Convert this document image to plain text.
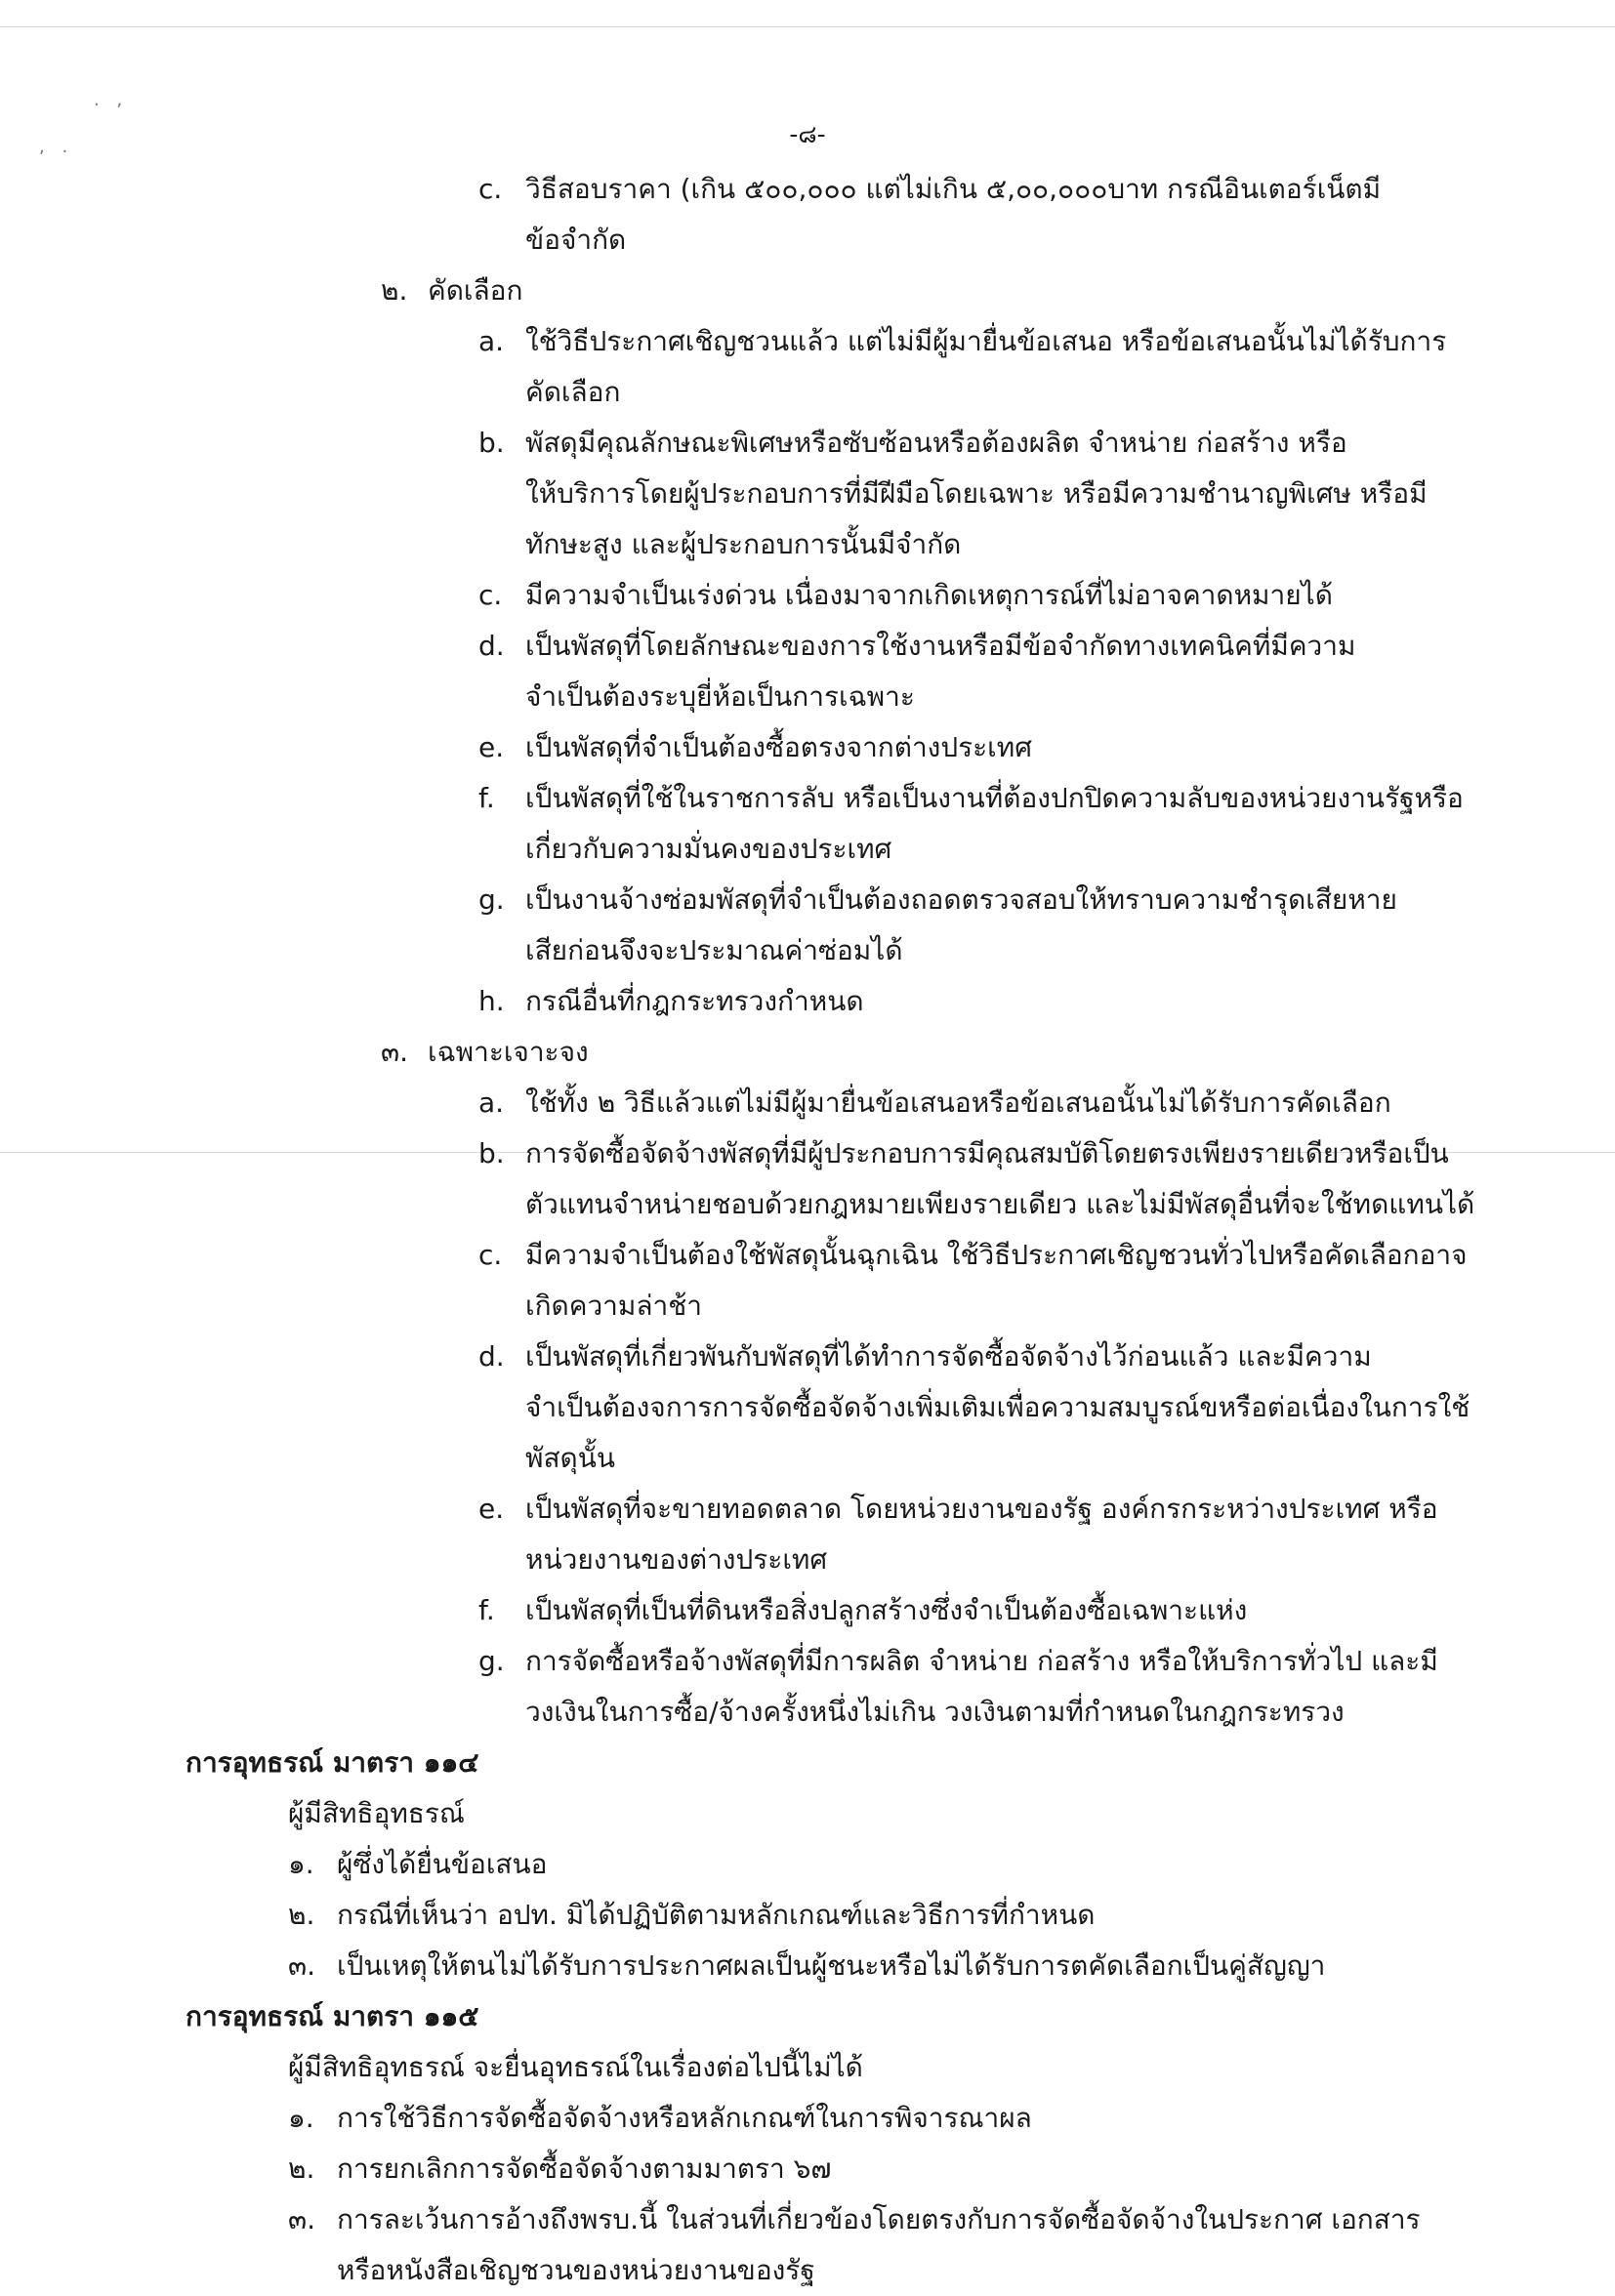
. ,
, .	-๘-
c. วิธีสอบราคา (เกิน ๕๐๐,๐๐๐ แต่ไม่เกิน ๕,๐๐,๐๐๐บาท กรณีอินเตอร์เน็ตมี
ข้อจำกัด
๒. คัดเลือก
a. ใช้วิธีประกาศเชิญชวนแล้ว แต่ไม่มีผู้มายื่นข้อเสนอ หรือข้อเสนอนั้นไม่ได้รับการ
คัดเลือก
b. พัสดุมีคุณลักษณะพิเศษหรือซับซ้อนหรือต้องผลิต จำหน่าย ก่อสร้าง หรือ
ให้บริการโดยผู้ประกอบการที่มีฝีมือโดยเฉพาะ หรือมีความชำนาญพิเศษ หรือมี
ทักษะสูง และผู้ประกอบการนั้นมีจำกัด
c. มีความจำเป็นเร่งด่วน เนื่องมาจากเกิดเหตุการณ์ที่ไม่อาจคาดหมายได้
d. เป็นพัสดุที่โดยลักษณะของการใช้งานหรือมีข้อจำกัดทางเทคนิคที่มีความ
จำเป็นต้องระบุยี่ห้อเป็นการเฉพาะ
e. เป็นพัสดุที่จำเป็นต้องซื้อตรงจากต่างประเทศ
f. เป็นพัสดุที่ใช้ในราชการลับ หรือเป็นงานที่ต้องปกปิดความลับของหน่วยงานรัฐหรือ
เกี่ยวกับความมั่นคงของประเทศ
g. เป็นงานจ้างซ่อมพัสดุที่จำเป็นต้องถอดตรวจสอบให้ทราบความชำรุดเสียหาย
เสียก่อนจึงจะประมาณค่าซ่อมได้
h. กรณีอื่นที่กฎกระทรวงกำหนด
๓. เฉพาะเจาะจง
a. ใช้ทั้ง ๒ วิธีแล้วแต่ไม่มีผู้มายื่นข้อเสนอหรือข้อเสนอนั้นไม่ได้รับการคัดเลือก
b. การจัดซื้อจัดจ้างพัสดุที่มีผู้ประกอบการมีคุณสมบัติโดยตรงเพียงรายเดียวหรือเป็น
ตัวแทนจำหน่ายชอบด้วยกฎหมายเพียงรายเดียว และไม่มีพัสดุอื่นที่จะใช้ทดแทนได้
c. มีความจำเป็นต้องใช้พัสดุนั้นฉุกเฉิน ใช้วิธีประกาศเชิญชวนทั่วไปหรือคัดเลือกอาจ
เกิดความล่าช้า
d. เป็นพัสดุที่เกี่ยวพันกับพัสดุที่ได้ทำการจัดซื้อจัดจ้างไว้ก่อนแล้ว และมีความ
จำเป็นต้องจการการจัดซื้อจัดจ้างเพิ่มเติมเพื่อความสมบูรณ์ขหรือต่อเนื่องในการใช้
พัสดุนั้น
e. เป็นพัสดุที่จะขายทอดตลาด โดยหน่วยงานของรัฐ องค์กรกระหว่างประเทศ หรือ
หน่วยงานของต่างประเทศ
f. เป็นพัสดุที่เป็นที่ดินหรือสิ่งปลูกสร้างซึ่งจำเป็นต้องซื้อเฉพาะแห่ง
g. การจัดซื้อหรือจ้างพัสดุที่มีการผลิต จำหน่าย ก่อสร้าง หรือให้บริการทั่วไป และมี
วงเงินในการซื้อ/จ้างครั้งหนึ่งไม่เกิน วงเงินตามที่กำหนดในกฎกระทรวง
การอุทธรณ์ มาตรา ๑๑๔
ผู้มีสิทธิอุทธรณ์
๑. ผู้ซึ่งได้ยื่นข้อเสนอ
๒. กรณีที่เห็นว่า อปท. มิได้ปฏิบัติตามหลักเกณฑ์และวิธีการที่กำหนด
๓. เป็นเหตุให้ตนไม่ได้รับการประกาศผลเป็นผู้ชนะหรือไม่ได้รับการตคัดเลือกเป็นคู่สัญญา
การอุทธรณ์ มาตรา ๑๑๕
ผู้มีสิทธิอุทธรณ์ จะยื่นอุทธรณ์ในเรื่องต่อไปนี้ไม่ได้
๑. การใช้วิธีการจัดซื้อจัดจ้างหรือหลักเกณฑ์ในการพิจารณาผล
๒. การยกเลิกการจัดซื้อจัดจ้างตามมาตรา ๖๗
๓. การละเว้นการอ้างถึงพรบ.นี้ ในส่วนที่เกี่ยวข้องโดยตรงกับการจัดซื้อจัดจ้างในประกาศ เอกสาร
หรือหนังสือเชิญชวนของหน่วยงานของรัฐ
